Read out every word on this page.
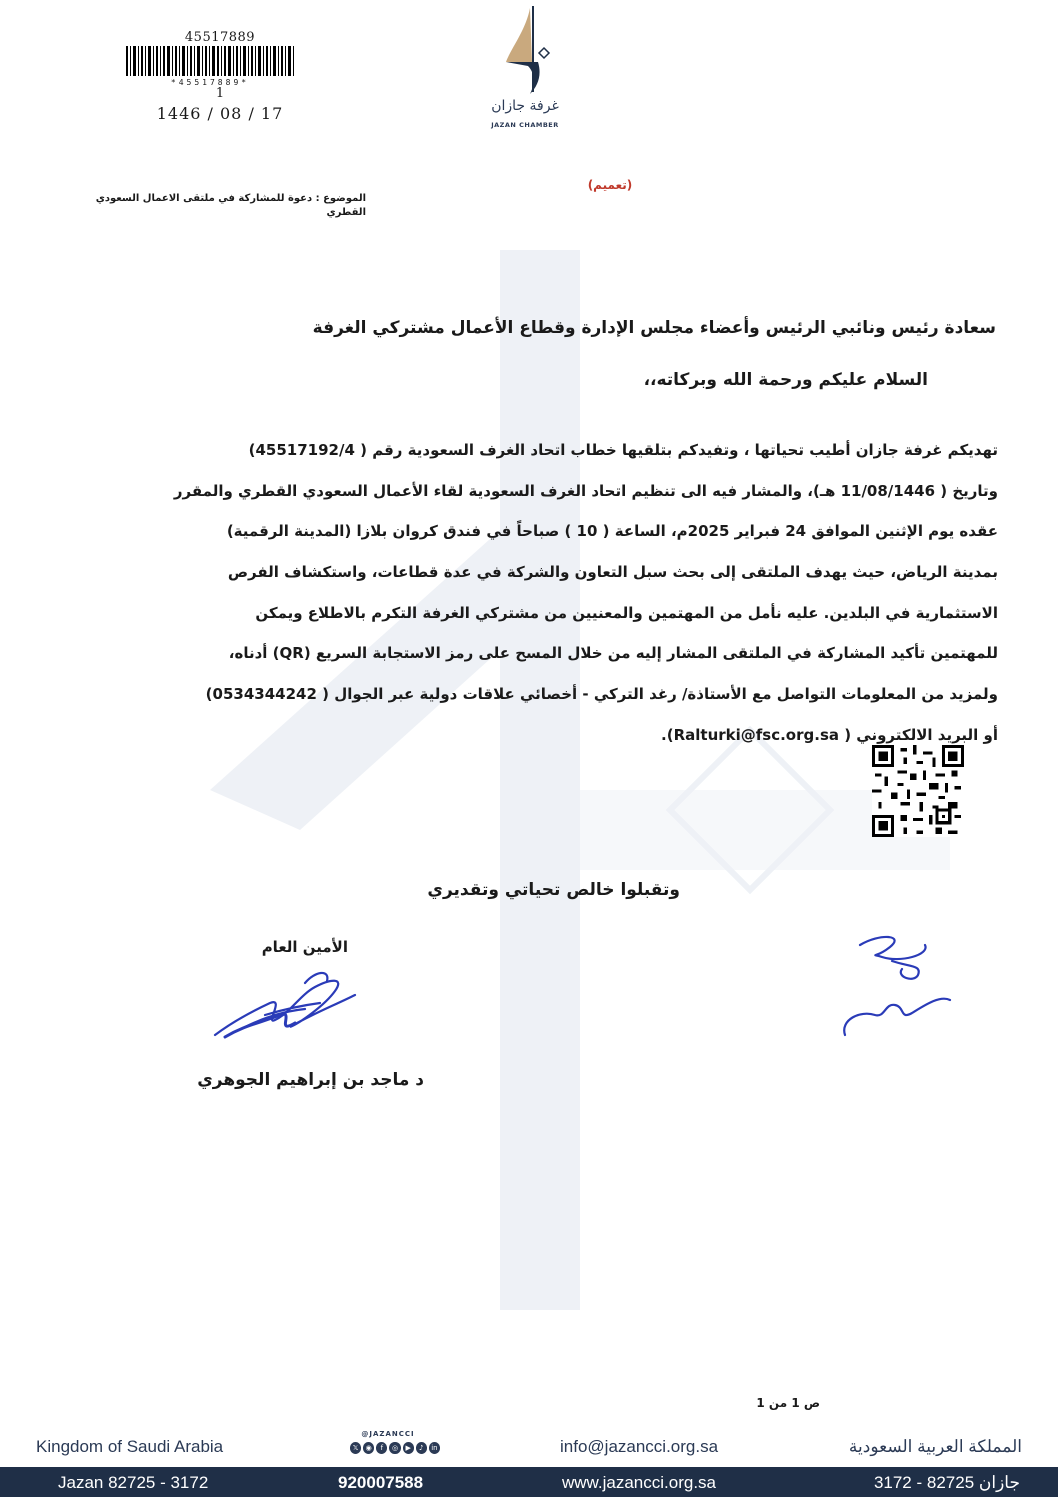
45517889
*45517889*
1
1446 / 08 / 17	غرفة جازان
JAZAN CHAMBER
(تعميم)
الموضوع : دعوة للمشاركة في ملتقى الاعمال السعودي القطري
سعادة رئيس ونائبي الرئيس وأعضاء مجلس الإدارة وقطاع الأعمال مشتركي الغرفة
السلام عليكم ورحمة الله وبركاته،،

تهديكم غرفة جازان أطيب تحياتها ، وتفيدكم بتلقيها خطاب اتحاد الغرف السعودية رقم ( 45517192/4)

وتاريخ ( 11/08/1446 هـ)، والمشار فيه الى تنظيم اتحاد الغرف السعودية لقاء الأعمال السعودي القطري والمقرر

عقده يوم الإثنين الموافق 24 فبراير 2025م، الساعة ( 10 ) صباحاً في فندق كروان بلازا (المدينة الرقمية)

بمدينة الرياض، حيث يهدف الملتقى إلى بحث سبل التعاون والشركة في عدة قطاعات، واستكشاف الفرص

الاستثمارية في البلدين. عليه نأمل من المهتمين والمعنيين من مشتركي الغرفة التكرم بالاطلاع ويمكن

للمهتمين تأكيد المشاركة في الملتقى المشار إليه من خلال المسح على رمز الاستجابة السريع (QR) أدناه،

ولمزيد من المعلومات التواصل مع الأستاذة/ رغد التركي - أخصائي علاقات دولية عبر الجوال ( 0534344242)

أو البريد الالكتروني ( Ralturki@fsc.org.sa).

وتقبلوا خالص تحياتي وتقديري
الأمين العام
د ماجد بن إبراهيم الجوهري
ص 1 من 1
Kingdom of Saudi Arabia
@JAZANCCI
𝕏	◉	f	◎	▶	♪	in	info@jazancci.org.sa	المملكة العربية السعودية
Jazan 82725 - 3172	920007588	www.jazancci.org.sa	جازان 82725 - 3172
